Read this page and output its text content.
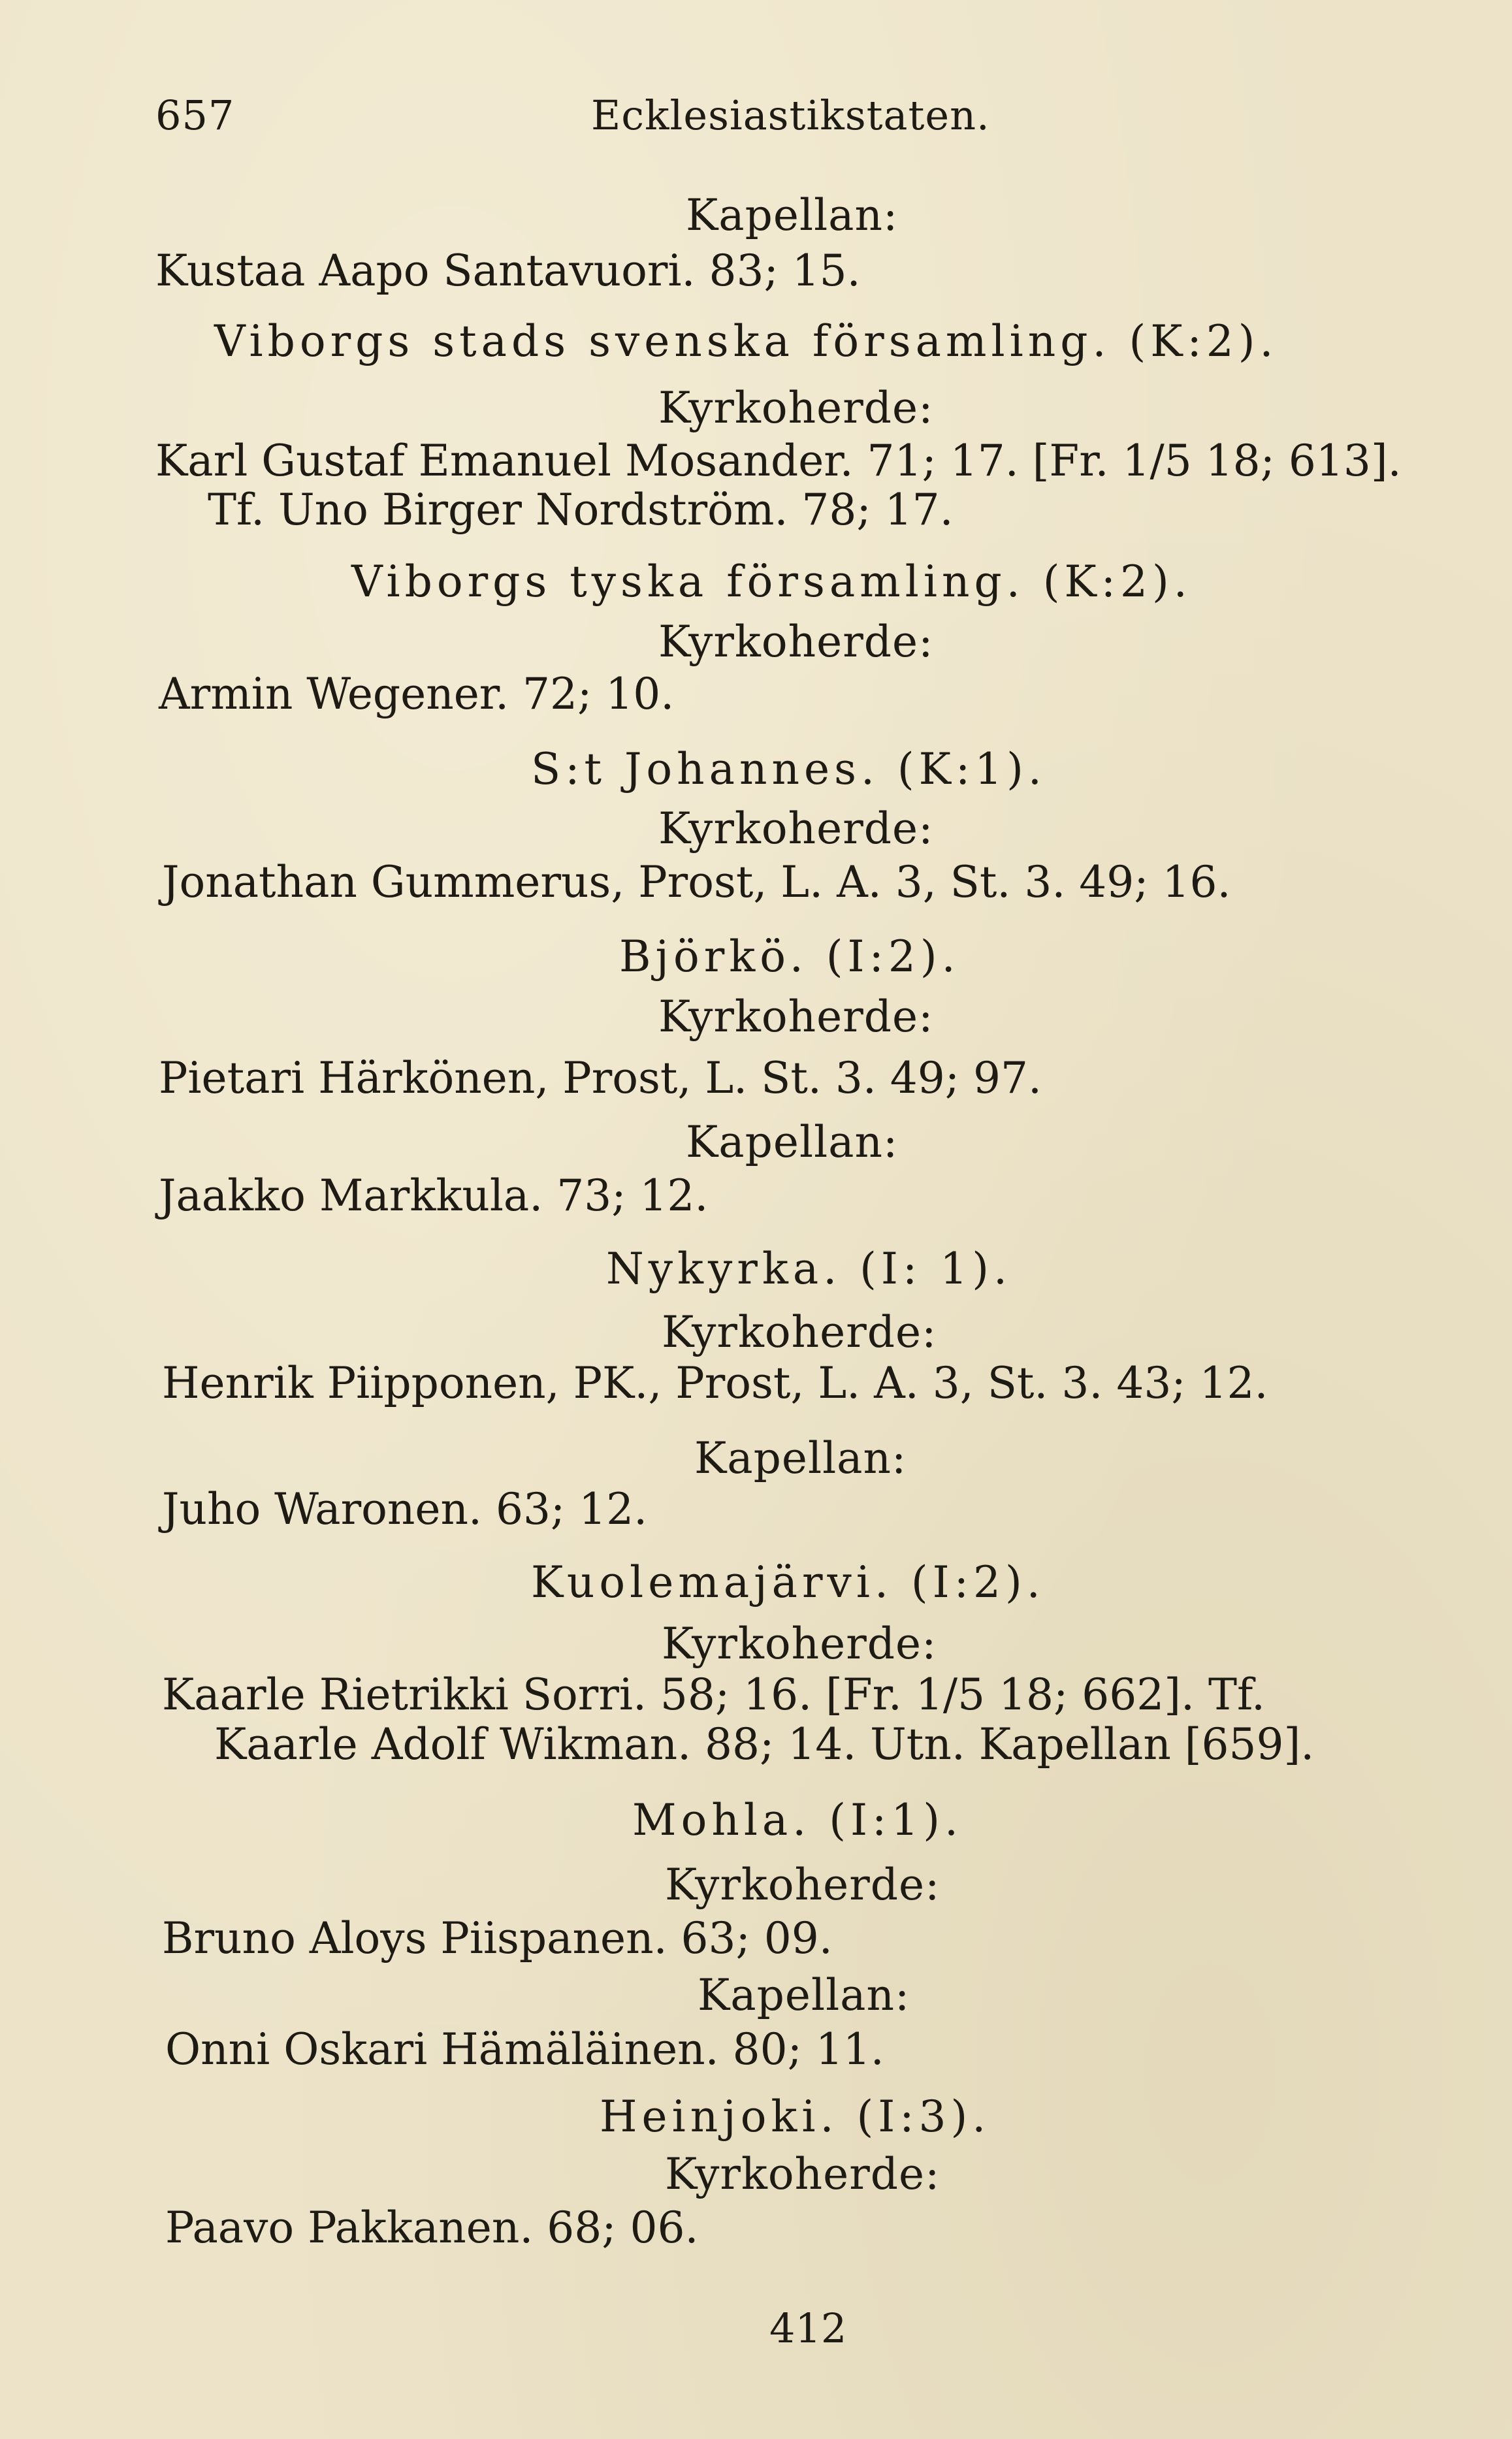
657	Ecklesiastikstaten.
Kapellan:
Kustaa Aapo Santavuori. 83; 15.
Viborgs stads svenska församling. (K:2).
Kyrkoherde:
Karl Gustaf Emanuel Mosander. 71; 17. [Fr. 1/5 18; 613].
Tf. Uno Birger Nordström. 78; 17.
Viborgs tyska församling. (K:2).
Kyrkoherde:
Armin Wegener. 72; 10.
S:t Johannes. (K:1).
Kyrkoherde:
Jonathan Gummerus, Prost, L. A. 3, St. 3. 49; 16.
Björkö. (I:2).
Kyrkoherde:
Pietari Härkönen, Prost, L. St. 3. 49; 97.
Kapellan:
Jaakko Markkula. 73; 12.
Nykyrka. (I: 1).
Kyrkoherde:
Henrik Piipponen, PK., Prost, L. A. 3, St. 3. 43; 12.
Kapellan:
Juho Waronen. 63; 12.
Kuolemajärvi. (I:2).
Kyrkoherde:
Kaarle Rietrikki Sorri. 58; 16. [Fr. 1/5 18; 662]. Tf.
Kaarle Adolf Wikman. 88; 14. Utn. Kapellan [659].
Mohla. (I:1).
Kyrkoherde:
Bruno Aloys Piispanen. 63; 09.
Kapellan:
Onni Oskari Hämäläinen. 80; 11.
Heinjoki. (I:3).
Kyrkoherde:
Paavo Pakkanen. 68; 06.
412
